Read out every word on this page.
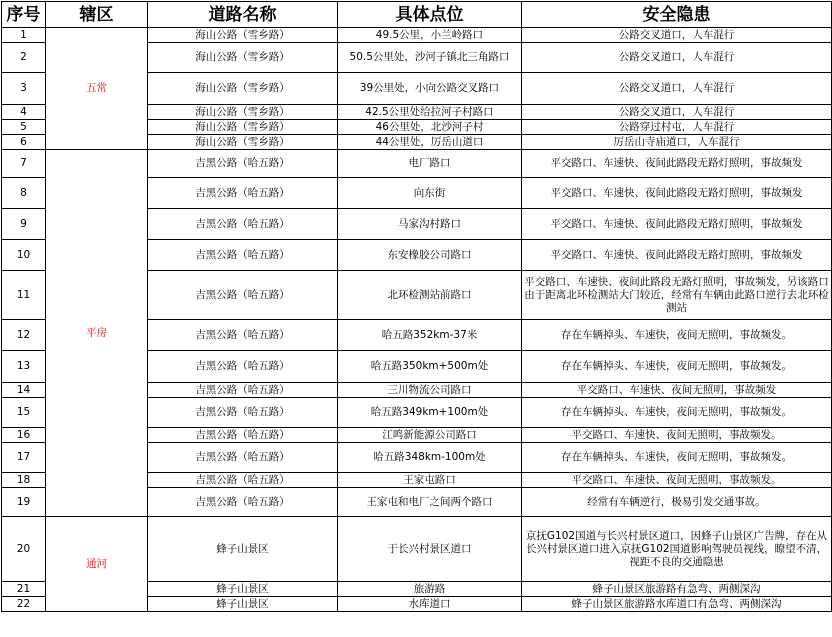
序号	辖区	道路名称	具体点位	安全隐患
1	五常	海山公路（雪乡路）	49.5公里，小兰岭路口	公路交叉道口，人车混行
2		海山公路（雪乡路）	50.5公里处，沙河子镇北三角路口	公路交叉道口，人车混行
3		海山公路（雪乡路）	39公里处，小向公路交叉路口	公路交叉道口，人车混行
4		海山公路（雪乡路）	42.5公里处给拉河子村路口	公路交叉道口，人车混行
5		海山公路（雪乡路）	46公里处，北沙河子村	公路穿过村屯，人车混行
6		海山公路（雪乡路）	44公里处，厉岳山道口	厉岳山寺庙道口，人车混行
7	平房	吉黑公路（哈五路）	电厂路口	平交路口、车速快、夜间此路段无路灯照明，事故频发
8		吉黑公路（哈五路）	向东街	平交路口、车速快、夜间此路段无路灯照明，事故频发
9		吉黑公路（哈五路）	马家沟村路口	平交路口、车速快、夜间此路段无路灯照明，事故频发
10		吉黑公路（哈五路）	东安橡胶公司路口	平交路口、车速快、夜间此路段无路灯照明，事故频发
11		吉黑公路（哈五路）	北环检测站前路口	平交路口、车速快、夜间此路段无路灯照明，事故频发，另该路口由于距离北环检测站大门较近，经常有车辆由此路口逆行去北环检测站
12		吉黑公路（哈五路）	哈五路352km-37米	存在车辆掉头、车速快，夜间无照明，事故频发。
13		吉黑公路（哈五路）	哈五路350km+500m处	存在车辆掉头、车速快，夜间无照明，事故频发。
14		吉黑公路（哈五路）	三川物流公司路口	平交路口、车速快、夜间无照明，事故频发
15		吉黑公路（哈五路）	哈五路349km+100m处	存在车辆掉头、车速快，夜间无照明，事故频发。
16		吉黑公路（哈五路）	江鸣新能源公司路口	平交路口、车速快、夜间无照明，事故频发。
17		吉黑公路（哈五路）	哈五路348km-100m处	存在车辆掉头、车速快，夜间无照明，事故频发。
18		吉黑公路（哈五路）	王家屯路口	平交路口、车速快、夜间无照明，事故频发。
19		吉黑公路（哈五路）	王家屯和电厂之间两个路口	经常有车辆逆行，极易引发交通事故。
20	通河	蜂子山景区	于长兴村景区道口	京抚G102国道与长兴村景区道口，因蜂子山景区广告牌，存在从长兴村景区道口进入京抚G102国道影响驾驶员视线，瞭望不清，视距不良的交通隐患
21		蜂子山景区	旅游路	蜂子山景区旅游路有急弯、两侧深沟
22		蜂子山景区	水库道口	蜂子山景区旅游路水库道口有急弯、两侧深沟
